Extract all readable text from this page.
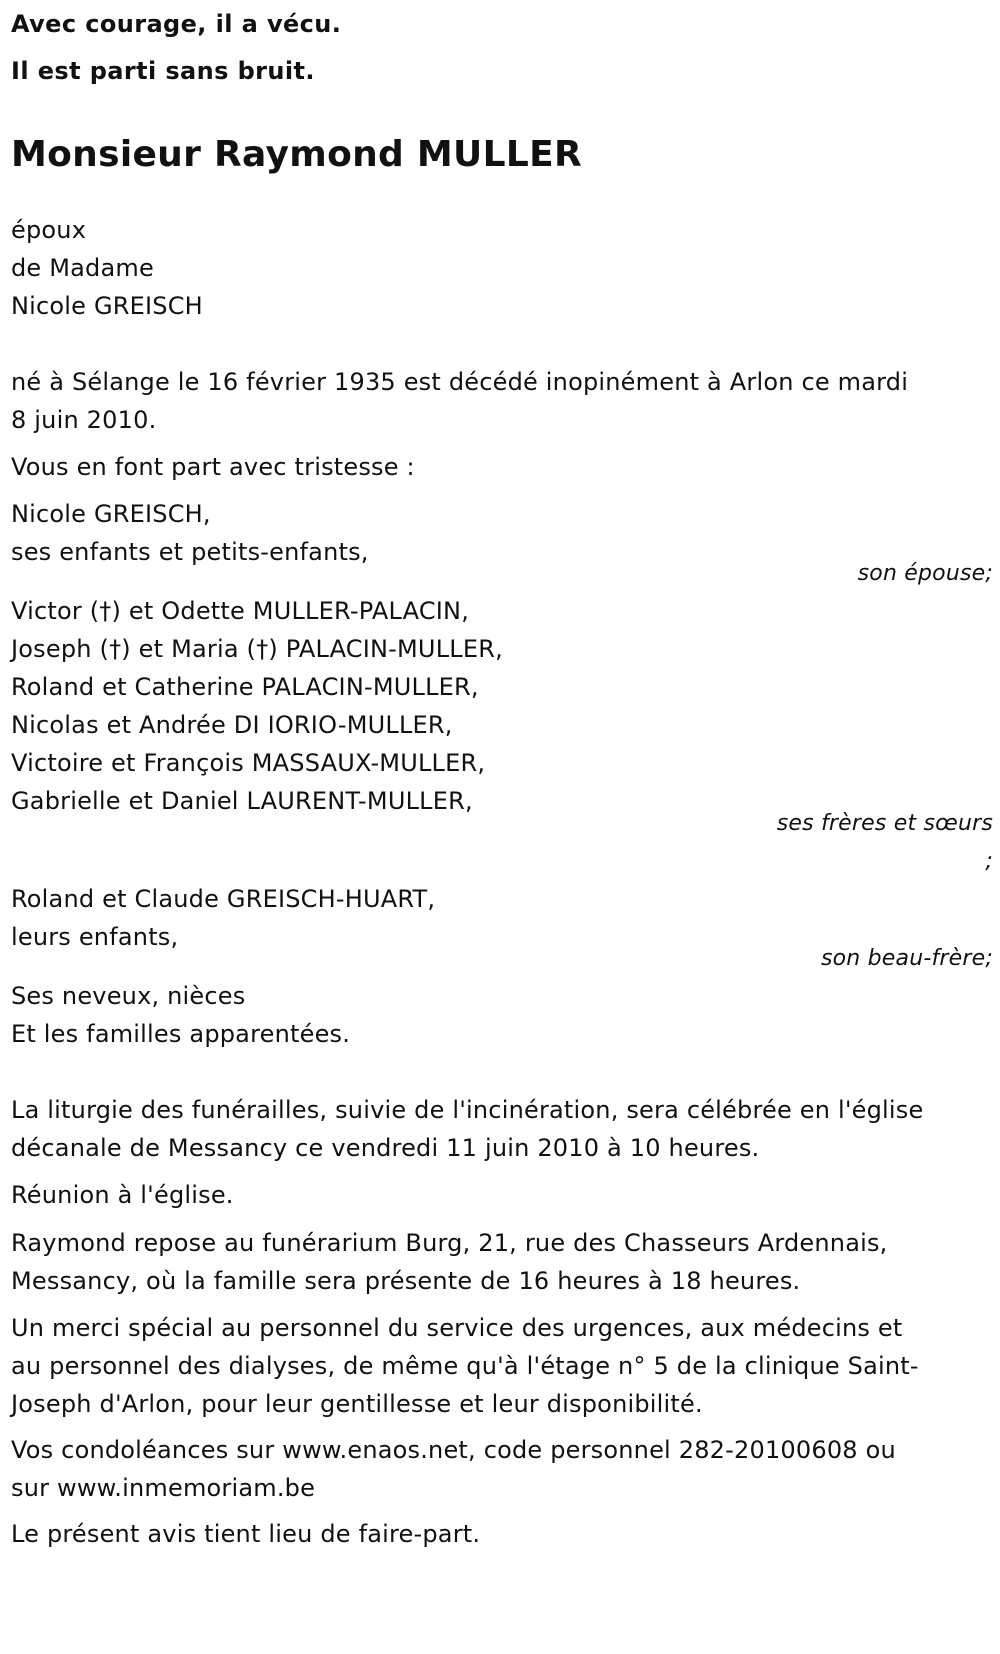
Avec courage, il a vécu.

Il est parti sans bruit.

Monsieur Raymond MULLER

époux

de Madame

Nicole GREISCH

né à Sélange le 16 février 1935 est décédé inopinément à Arlon ce mardi

8 juin 2010.

Vous en font part avec tristesse :

Nicole GREISCH,

ses enfants et petits-enfants,

son épouse;

Victor (†) et Odette MULLER-PALACIN,

Joseph (†) et Maria (†) PALACIN-MULLER,

Roland et Catherine PALACIN-MULLER,

Nicolas et Andrée DI IORIO-MULLER,

Victoire et François MASSAUX-MULLER,

Gabrielle et Daniel LAURENT-MULLER,

ses frères et sœurs

;

Roland et Claude GREISCH-HUART,

leurs enfants,

son beau-frère;

Ses neveux, nièces

Et les familles apparentées.

La liturgie des funérailles, suivie de l'incinération, sera célébrée en l'église

décanale de Messancy ce vendredi 11 juin 2010 à 10 heures.

Réunion à l'église.

Raymond repose au funérarium Burg, 21, rue des Chasseurs Ardennais,

Messancy, où la famille sera présente de 16 heures à 18 heures.

Un merci spécial au personnel du service des urgences, aux médecins et

au personnel des dialyses, de même qu'à l'étage n° 5 de la clinique Saint-

Joseph d'Arlon, pour leur gentillesse et leur disponibilité.

Vos condoléances sur www.enaos.net, code personnel 282-20100608 ou

sur www.inmemoriam.be

Le présent avis tient lieu de faire-part.
